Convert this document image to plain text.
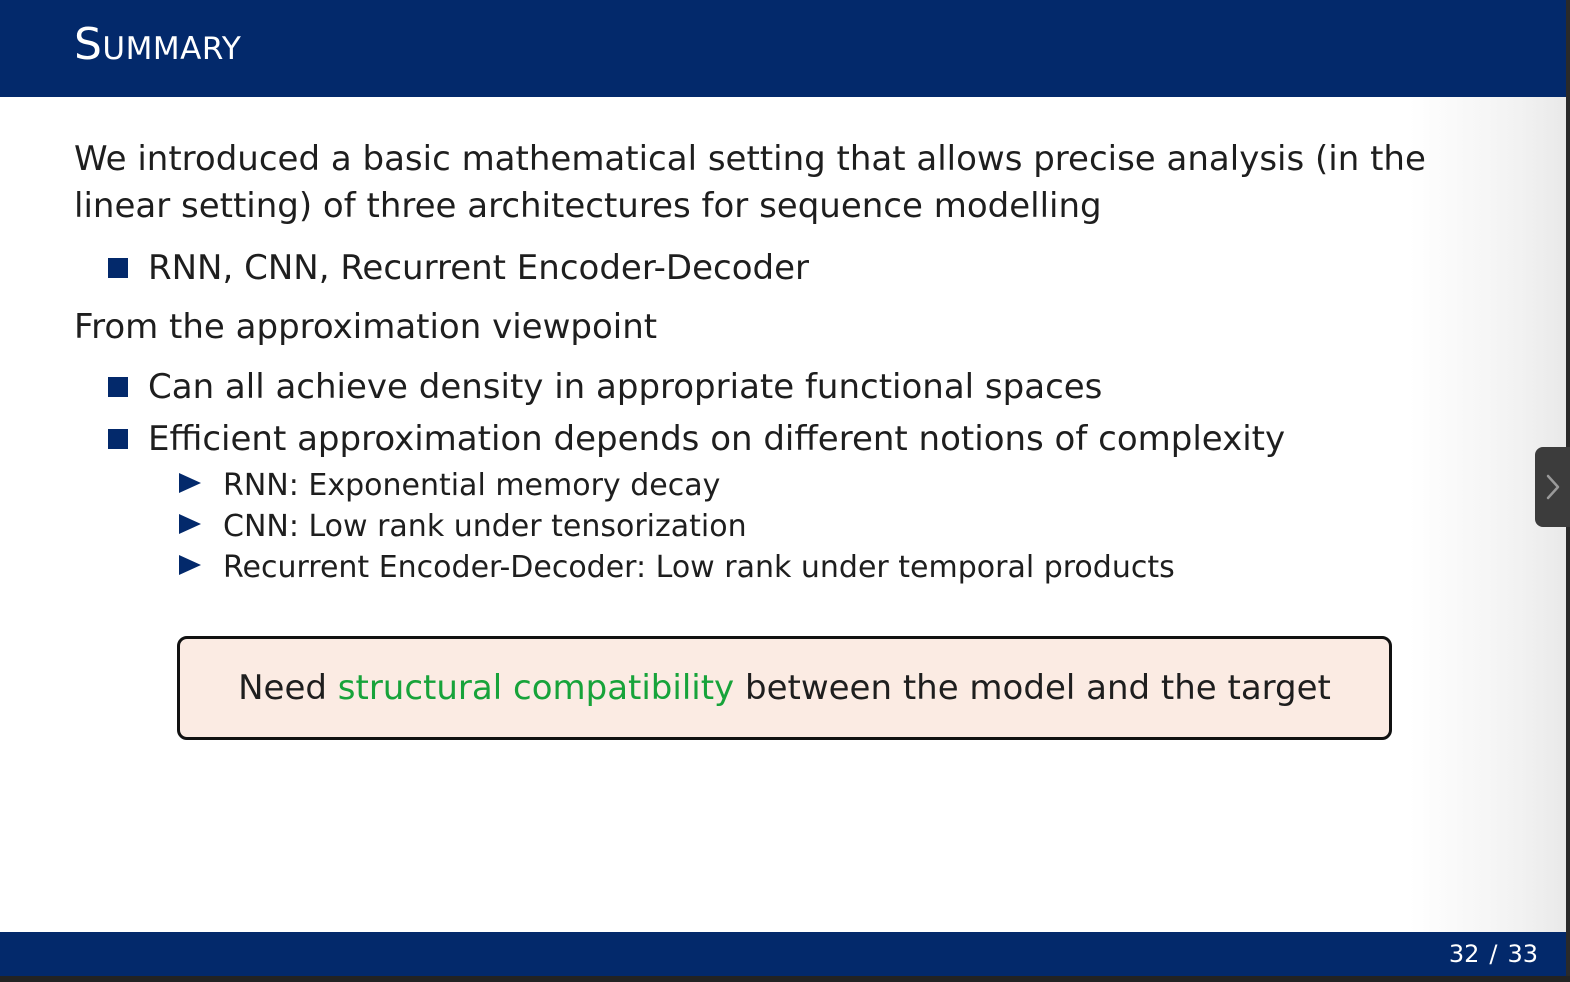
Summary

We introduced a basic mathematical setting that allows precise analysis (in the linear setting) of three architectures for sequence modelling

RNN, CNN, Recurrent Encoder-Decoder

From the approximation viewpoint

Can all achieve density in appropriate functional spaces
Efficient approximation depends on different notions of complexity
RNN: Exponential memory decay
CNN: Low rank under tensorization
Recurrent Encoder-Decoder: Low rank under temporal products
Need
structural compatibility
between the model and the target
32 / 33
